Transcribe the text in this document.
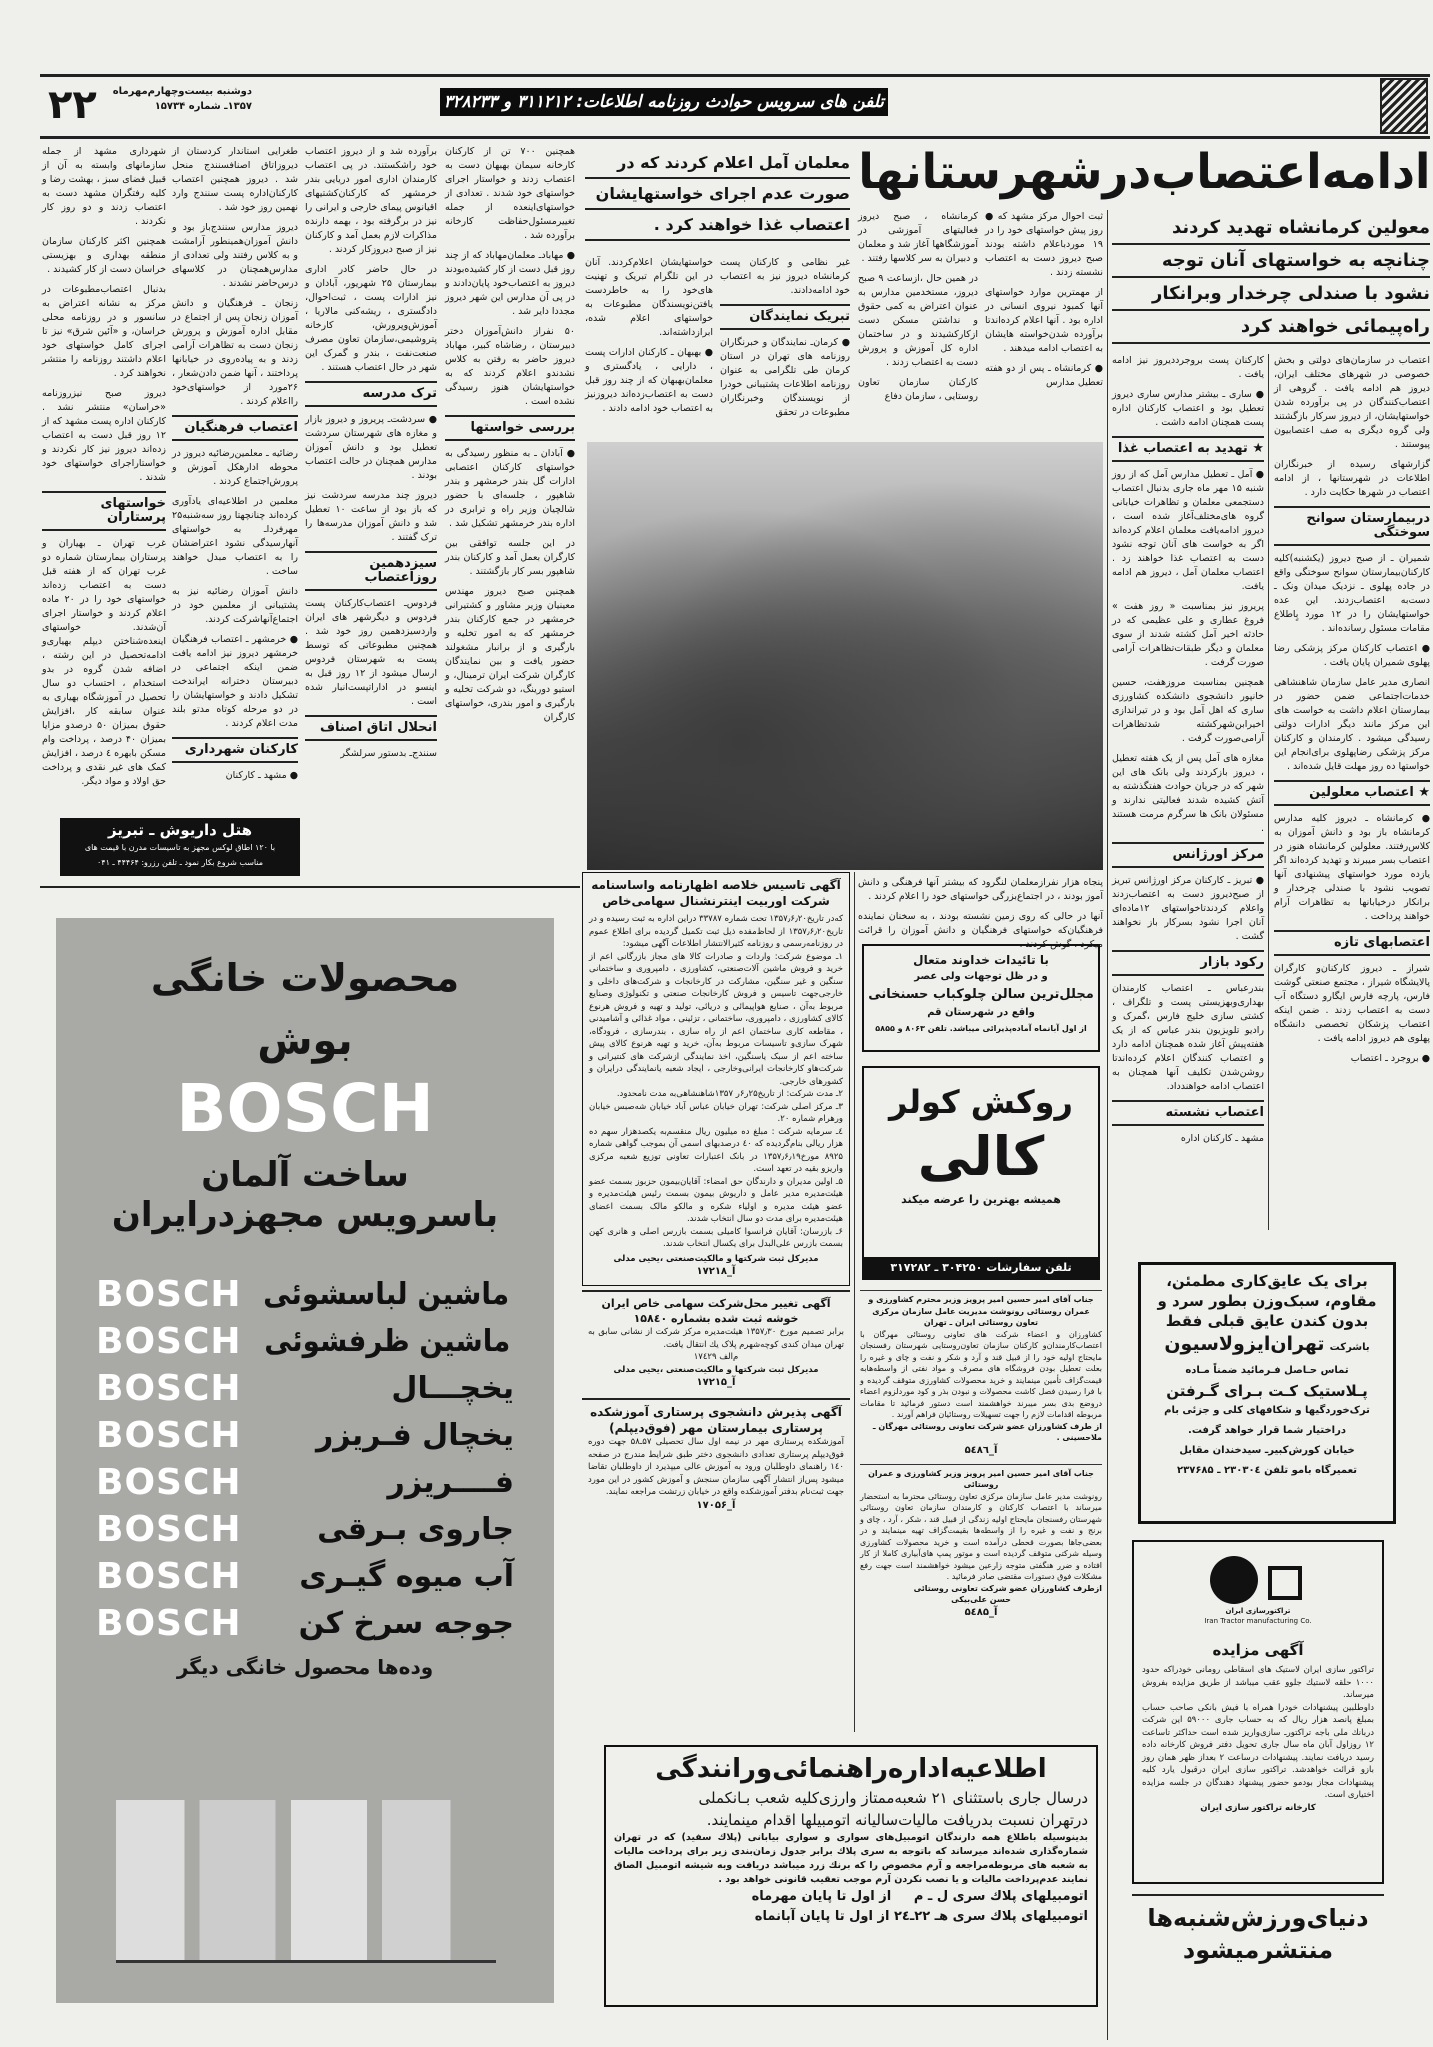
۲۲	دوشنبه بیست‌وچهارم‌مهرماه
۱۳۵۷ـ شماره ۱۵۷۳۴	تلفن های سرویس حوادث روزنامه اطلاعات: ۳۱۱۲۱۲ و ۳۲۸۲۳۳
ادامه‌اعتصاب‌در‌شهرستانها
معولین کرمانشاه تهدید کردند
چنانچه به خواستهای آنان توجه
نشود با صندلی چرخدار وبرانکار
راه‌پیمائی خواهند کرد
معلمان آمل اعلام کردند که در
صورت عدم اجرای خواستهایشان
اعتصاب غذا خواهند کرد .

اعتصاب در سازمان‌های دولتی و بخش خصوصی در شهرهای مختلف ایران، دیروز هم ادامه یافت . گروهی از اعتصاب‌کنندگان در پی برآورده شدن خواستهایشان، از دیروز سرکار بازگشتند ولی گروه دیگری به صف اعتصابیون پیوستند .

گزارشهای رسیده از خبرنگاران اطلاعات در شهرستانها ، از ادامه اعتصاب در شهرها حکایت دارد .

دربیمارستان سوانح سوختگی

شمیران ـ از صبح دیروز (یکشنبه)کلیه کارکنان‌بیمارستان سوانح سوختگی واقع در جاده پهلوی ـ نزدیک میدان ونک ـ دست‌به اعتصاب‌زدند. این عده خواستهایشان را در ۱۲ مورد بٍاطلاع مقامات مسئول رسانده‌اند .

● اعتصاب کارکنان مرکز پزشکی رضا پهلوی شمیران پایان یافت .

انصاری مدیر عامل سازمان شاهنشاهی خدمات‌اجتماعی ضمن حضور در بیمارستان اعلام داشت به خواست های این مرکز مانند دیگر ادارات دولتی رسیدگی میشود . کارمندان و کارکنان مرکز پزشکی رضاپهلوی برای‌انجام این خواستها ده روز مهلت قایل شده‌اند .

★ اعتصاب معلولین

● کرمانشاه ـ دیروز کلیه مدارس کرمانشاه باز بود و دانش آموزان به کلاس‌رفتند. معلولین کرمانشاه هنوز در اعتصاب بسر میبرند و تهدید کرده‌اند اگر یازده مورد خواستهای پیشنهادی آنها تصویب نشود با صندلی چرخدار و برانکار درخیابانها به تظاهرات آرام خواهند پرداخت .

اعتصابهای تازه

شیراز ـ دیروز کارکنان‌و کارگران پالایشگاه شیراز ، مجتمع صنعتی گوشت فارس، پارچه فارس ایگارو دستگاه آب دست به اعتصاب زدند . ضمن اینکه اعتصاب پزشکان تخصصی دانشگاه پهلوی هم دیروز ادامه یافت .

● بروجرد ـ اعتصاب

کارکنان پست بروجردديروز نیز ادامه یافت .

● ساری ـ بیشتر مدارس ساری دیروز تعطیل بود و اعتصاب کارکنان اداره پست همچنان ادامه داشت .

★ تهدید به اعتصاب غذا

● آمل ـ تعطیل مدارس آمل که از روز شنبه ۱۵ مهر ماه جاری بدنبال اعتصاب دستجمعی معلمان و تظاهرات خیابانی گروه های‌مختلف‌آغاز شده است ، دیروز ادامه‌یافت معلمان اعلام کرده‌اند اگر به خواست های آنان توجه نشود دست به اعتصاب غذا خواهند زد . اعتصاب معلمان آمل ، دیروز هم ادامه یافت.

پریروز نیز بمناسبت « روز هفت » فروغ عطاری و علی عظیمی که در حادثه اخیر آمل کشته شدند از سوی معلمان و دیگر طبقات‌تظاهرات آرامی صورت گرفت .

همچنین بمناسبت مروزهفت، حسین خانپور دانشجوی دانشکده کشاورزی ساری که اهل آمل بود و در تیراندازی اخیرابن‌شهرکشته شدتظاهرات آرامی‌صورت گرفت .

مغازه های آمل پس از یک هفته تعطیل ، دیروز بازکردند ولی بانک های این شهر که در جریان حوادث هفتگذشته به آتش کشیده شدند فعالیتی ندارند و مسئولان بانک ها سرگرم مرمت هستند .

مرکز اورژانس

● تبریز ـ کارکنان مرکز اورژانس تبریز از صبح‌دیروز دست به اعتصاب‌زدند و‌اعلام کردندتاخواستهای ۱۲ماده‌ای آنان اجرا نشود بسرکار باز نخواهند گشت .

رکود بازار

بندرعباس ـ اعتصاب کارمندان بهداری‌وبهزیستی پست و تلگراف ، کشتی سازی خلیج فارس ،گمرک و رادیو تلویزیون بندر عباس که از یک هفته‌پیش آغاز شده همچنان ادامه دارد و اعتصاب کنندگان اعلام کرده‌اندتا روشن‌شدن تکلیف آنها همچنان به اعتصاب ادامه خواهندداد.

اعتصاب نشسته

مشهد ـ کارکنان اداره

ثبت احوال مرکز مشهد که ● روز پیش خواستهای خود را در ۱۹ موردباعلام داشته بودند صبح دیروز دست به اعتصاب نشسته زدند .

از مهمترین موارد خواستهای آنها کمبود نیروی انسانی در اداره بود . آنها اعلام کرده‌اندتا برآورده شدن‌خواسته هایشان به اعتصاب ادامه میدهند .

● کرمانشاه ـ پس از دو هفته تعطیل مدارس

کرمانشاه ، صبح دیروز فعالیتهای آموزشی در آموزشگاهها آغاز شد و معلمان و دبیران به سر کلاسها رفتند .

در همین حال ،ازساعت ۹ صبح دیروز، مستخدمین مدارس به عنوان اعتراض به کمی حقوق و نداشتن مسکن دست ازکارکشیدند و در ساختمان اداره کل آموزش و پرورش دست به اعتصاب زدند .

کارکنان سازمان تعاون روستایی ، سازمان دفاع

غیر نظامی و کارکنان پست کرمانشاه دیروز نیز به اعتصاب خود ادامه‌دادند.

تبریک نمایندگان

● کرمان‌ـ نمایندگان و خبرنگاران روزنامه های تهران در استان کرمان طی تلگرامی به عنوان روزنامه اطلاعات پشتیبانی خودرا از نویسندگان وخبرنگاران مطبوعات در تحقق

خواستهایشان اعلام‌کردند. آنان در این تلگرام تبریک و تهنیت های‌خود را به خاطردست یافتن‌نویسندگان مطبوعات به خواستهای اعلام شده، ابرازداشته‌اند.

● بهبهان ـ کارکنان ادارات پست ، دارایی ، یادگستری و معلمان‌بهبهان که از چند روز قبل دست به اعتصاب‌زده‌اند دیروزنیز به اعتصاب خود ادامه دادند .

همچنین ۷۰۰ تن از کارکنان کارخانه سیمان بهبهان دست به اعتصاب زدند و خواستار اجرای خواستهای خود شدند . تعدادی از خواستهای‌اینعده از جمله تغییرمسئول‌حفاظت کارخانه برآورده شد .

● مهاباد‌ـ معلمان‌مهاباد که از چند روز قبل دست از کار کشیده‌بودند دیروز به اعتصاب‌خود پایان‌دادند و در پی آن مدارس این شهر دیروز مجددا دایر شد .

۵۰ نفراز دانش‌آموزان دختر دبیرستان ، رضاشاه کبیر، مهاباد دیروز حاضر به رفتن به کلاس نشدندو اعلام کردند که به خواستهایشان هنوز رسیدگی نشده است .

بررسی خواستها

● آبادان ـ به منظور رسیدگی به خواستهای کارکنان اعتصابی ادارات گل بندر خرمشهر و بندر شاهپور ، جلسه‌ای با حضور شالچیان وزیر راه و ترابری در اداره بندر خرمشهر تشکیل شد .

در این جلسه توافقی بین کارگران بعمل آمد و کارکنان بندر شاهپور بسر کار بازگشتند .

همچنین صبح دیروز مهندس معینیان وزیر مشاور و کشتیرانی خرمشهر در جمع کارکنان بندر خرمشهر که به امور تخلیه و بارگیری و از برانبار مشغولند حضور یافت و بین نمایندگان کارگران شرکت ایران ترمینال، و استیو دورینگ، دو شرکت تخلیه و بارگیری و امور بندری، خواستهای کارگران

برآورده شد و از دیروز اعتصاب خود را‌شکستند. در پی اعتصاب کارمندان اداری امور دریایی بندر خرمشهر که کارکنان‌کشتیهای اقیانوس پیمای خارجی و ایرانی را نیز در برگرفته بود ، بهمه دارنده مذاکرات لازم بعمل آمد و کارکنان نیز از صبح دیروزکار کردند .

در حال حاضر کادر اداری بیمارستان ۲۵ شهریور، آبادان و نیز ادارات پست ، ثبت‌احوال، دادگستری ، ریشه‌کنی مالاریا ، آموزش‌وپرورش، کارخانه پتروشیمی،سازمان تعاون مصرف صنعت‌نفت ، بندر و گمرک این شهر در حال اعتصاب هستند .

ترک مدرسه

● سردشت‌ـ پریروز و دیروز بازار و مغازه های شهرستان سردشت تعطیل بود و دانش آموزان مدارس همچنان در حالت اعتصاب بودند .

دیروز چند مدرسه سردشت نیز که باز بود از ساعت ۱۰ تعطیل شد و دانش آموزان مدرسه‌ها را ترک گفتند .

سیزدهمین روزاعتصاب

فردوس‌ـ اعتصاب‌کارکنان پست فردوس و دیگرشهر های ایران واردسیزدهمین روز خود شد . همچنین مطبوعاتی که توسط پست به شهرستان فردوس ارسال میشود از ۱۲ روز قبل به اینسو در اداراتپست‌انبار شده است .

انحلال اتاق اصناف

سنندج‌ـ بدستور سرلشگر

طغرایی استاندار کردستان از دیروزاتاق اصنافسنندج منحل شد . دیروز همچنین اعتصاب کارکنان‌اداره پست سنندج وارد نهمین روز خود شد .

دیروز مدارس سنندج‌باز بود و دانش آموزان‌همینطور آرامشت و به کلاس رفتند ولی تعدادی از مدارس‌همچنان در کلاسهای درس‌حاضر نشدند .

زنجان ـ فرهنگیان و دانش آموزان زنجان پس از اجتماع در مقابل اداره آموزش و پرورش زنجان دست به تظاهرات آرامی زدند و به پیاده‌روی در خیابانها پرداختند ، آنها ضمن دادن‌شعار ، ۲۶مورد از خواستهای‌خود رااعلام کردند .

اعتصاب فرهنگیان

رضائیه ـ معلمین‌رضائیه دیروز در محوطه ادارهکل آموزش و پرورش‌اجتماع کردند .

معلمین در اطلاعیه‌ای یادآوری کرده‌اند چنانچهتا روز سه‌شنبه۲۵ مهرفرداـ به خواستهای آنهارسیدگی نشود اعتراضشان را به اعتصاب مبدل خواهند ساخت .

دانش آموزان رضائیه نیز به پشتیبانی از معلمین خود در اجتماع‌آنهاشرکت کردند.

● خرمشهر ـ اعتصاب فرهنگیان خرمشهر دیروز نیز ادامه یافت ضمن اینکه اجتماعی در دبیرستان دخترانه ایراندخت تشکیل دادند و خواستهایشان را در دو مرحله کوتاه مدتو بلند مدت اعلام کردند .

کارکنان شهرداری

● مشهد ـ کارکنان

شهرداری مشهد از جمله سازمانهای وابسته به آن از قبیل فضای سبز ، بهشت رضا و کلیه رفتگران مشهد دست به اعتصاب زدند و دو روز کار نکردند .

همچنین اکثر کارکنان سازمان منطقه بهداری و بهزیستی خراسان دست از کار کشیدند .

بدنبال اعتصاب‌مطبوعات در مرکز به نشانه اعتراض به سانسور و در روزنامه محلی خراسان، و «آئین شرق» نیز تا اجرای کامل خواستهای خود اعلام داشتند روزنامه را منتشر نخواهند کرد .

دیروز صبح نیزروزنامه «خراسان» منتشر نشد . کارکنان اداره پست مشهد که از ۱۲ روز قبل دست به اعتصاب زده‌اند دیروز نیز کار نکردند و خواستاراجرای خواستهای خود شدند .

خواستهای پرستاران

غرب تهران ـ بهیاران و پرستاران بیمارستان شماره دو غرب تهران که از هفته قبل دست به اعتصاب زده‌اند خواستهای خود را در ۲۰ ماده اعلام کردند و خواستار اجرای آن‌شدند. خواستهای اینعده‌شناختن دیپلم بهیاری‌و ادامه‌تحصیل در این رشته ، اضافه شدن گروه در بدو استخدام ، احتساب دو سال تحصیل در آموزشگاه بهیاری به عنوان سابقه کار ،افزایش حقوق بمیزان ۵۰ درصدو مزایا بمیزان ۴۰ درصد ، پرداخت وام مسکن بابهره ٤ درصد ، افزایش کمک های غیر نقدی و پرداخت حق اولاد و مواد دیگر.

پنجاه هزار نفرازمعلمان لنگرود که بیشتر آنها فرهنگی و دانش آموز بودند ، در اجتماع‌بزرگی خواستهای خود را اعلام کردند .

آنها در حالی که روی زمین نشسته بودند ، به سخنان نماینده فرهنگیان‌که خواستهای فرهنگیان و دانش آموزان را قرائت میکرد ، گوش کردند .

هتل داریوش ـ تبریز
با ۱۲۰ اطاق لوکس مجهز به تاسیسات مدرن با قیمت های
مناسب شروع بکار نمود ـ تلفن رزرو: ۴۴۴۶۴ ـ ۰۴۱
محصولات خانگی
بوش
BOSCH
ساخت آلمان
باسرویس مجهزدرایران
BOSCH ماشین لباسشوئی
BOSCH ماشین ظرفشوئی
BOSCH	یخچـــال
BOSCH	یخچال فـریزر
BOSCH	فــــریزر
BOSCH	جاروی بـرقی
BOSCH	آب میوه گیـری
BOSCH	جوجه سرخ کن
وده‌ها محصول خانگی دیگر
آگهی تاسیس خلاصه اظهارنامه واساسنامه
شرکت اوربیت اینترنشنال سهامی‌خاص

که‌در تاریخ۱۳۵۷٫۶٫۲۰ تحت شماره ۳۳۷۸۷ دراین اداره به ثبت رسیده و در تاریخ۱۳۵۷٫۶٫۲۰ از لحاظ‌مفده ذیل ثبت تکمیل گردیده برای اطلاع عموم در روزنامه‌رسمی و روزنامه کثیرالانتشار اطلاعات آگهی میشود:

۱ـ موضوع شرکت: واردات و صادرات کالا های مجاز بازرگانی اعم از خرید و فروش ماشین آلات‌صنعتی، کشاورزی ، دامپروری و ساختمانی سنگین و غیر سنگین، مشارکت در کارخانجات و شرکت‌های داخلی و خارجی‌جهت تاسیس و فروش کارخانجات صنعتی و تکنولوژی و‌صنایع مربوط به‌آن ، صنایع هواپیمائی و دریائی، تولید و تهیه و فروش هرنوع کالای کشاورزی ، دامپروری‌، ساختمانی ، تزئینی ، مواد غذائی و آشامیدنی ، مقاطعه کاری ساختمان اعم از راه سازی ، بندرسازی ، فرودگاه، شهرک سازی‌و تاسیسات مربوط به‌آن، خرید و تهیه هرنوع کالای پیش ساخته اعم از سبک یاسنگین، اخذ نمایندگی ازشرکت های کنتیرانی و شرکت‌هاو کارخانجات ایرانی‌وخارجی ، ایجاد شعبه یانمایندگی درایران و کشورهای خارجی.

۲ـ مدت شرکت: از تاریخ۲۵ر۶ر ۱۳۵۷شاهنشاهی‌به مدت نامحدود.

۳ـ مرکز اصلی شرکت: تهران خیابان عباس آباد خیابان شه‌صبس خیابان ورهرام شماره ۲۰.

٤ـ سرمایه شرکت : مبلغ ده میلیون ریال منقسم‌به یکصدهزار سهم ده هزار ریالی بنام‌گردیده که ٤۰ درصدبهای اسمی آن بموجب گواهی شماره ۸۹۲۵ مورخ۱۳۵۷٫۶٫۱۹ در بانک اعتبارات تعاونی توزیع شعبه مرکزی واریزو بقیه در تعهد است.

۵ـ اولین مدیران و دارندگان حق امضاء: آقایان‌بیمون حزبوز بسمت عضو هیئت‌مدیره مدیر عامل و داریوش بیمون بسمت رئیس هیئت‌مدیره و عضو هیئت مدیره و اولیاء شکره و مالکو مالک بسمت اعضای هیئت‌مدیره برای مدت دو سال انتخاب شدند.

۶ـ بازرسان: آقایان فرانسوا کامیلی بسمت بازرس اصلی و هانری کهن بسمت بازرس علی‌البدل برای یکسال انتخاب شدند.

مدیرکل ثبت شرکتها و مالکیت‌صنعتی ،یحیی مدلی

آ_۱۷۲۱۸

آگهی تغییر محل‌شرکت سهامی خاص ایران خوشه ثبت شده بشماره ۱۵۸٤۰
برابر تصمیم مورخ ۱۳۵۷٫۳۰ هیئت‌مدیره مرکز شرکت از نشانی سابق به تهران میدان کندی کوچه‌شهرم پلاک یك انتقال یافت.
م‌الف ۱۷٤۲۹
مدیرکل ثبت شرکتها و مالکیت‌صنعتی ،یحیی مدلی
آ_۱۷۲۱۵
آگهی پذیرش دانشجوی پرستاری آموزشکده پرستاری بیمارستان مهر (فوق‌دیپلم)
آموزشکده پرستاری مهر در نیمه اول سال تحصیلی ۵۷ـ۵۸ جهت دوره فوق‌دیپلم پرستاری تعدادی دانشجوی دختر طبق شرایط مندرج در صفحه ۱٤۰ راهنمای داوطلبان ورود به آموزش عالی میپذیرد از داوطلبان تقاضا میشود پس‌از انتشار آگهی سازمان سنجش و آموزش کشور در این مورد جهت ثبت‌نام بدفتر آموزشکده واقع در خیابان زرتشت مراجعه نمایند.
آ_۱۷۰۵۶
با تائیدات خداوند متعال
و در ظل توجهات ولی عصر
مجلل‌ترین سالن چلوکباب حسنخانی
واقع در شهرستان قم
از اول آبانماه آماده‌پذیرائی میباشد. تلفن ۸۰۶۳ و ۵۸۵۵
روکش کولر
کالی
همیشه بهترین را عرضه میکند
تلفن سفارشات ۳۰۴۲۵۰ ـ ۳۱۷۲۸۲
جناب آقای امیر حسین امیر پرویز وزیر محترم کشاورزی و عمران روستائی رونوشت مدیریت عامل سازمان مرکزی تعاون روستائی ایران ـ تهران
کشاورزان و اعضاء شرکت های تعاونی روستائی مهرگان با اعتصاب‌کارمندان‌و کارکنان سازمان تعاون‌روستایی شهرستان رفسنجان مایحتاج اولیه خود را از قبیل قند و آرد و شکر و نفت و چای و غیره را بعلت تعطیل بودن فروشگاه های مصرف و مواد نفتی از واسطه‌ها‌به قیمت‌گزاف تأمین مینمایند و خرید محصولات کشاورزی متوقف گردیده و با فرا رسیدن فصل کاشت محصولات و نبودن بذر و کود موردلزوم اعضاء دروضع بدی بسر میبرند خواهشمند است دستور فرمائید تا مقامات مربوطه اقدامات لازم را جهت تسهیلات روستائیان فراهم آورند .
از طرف کشاورزان عضو شرکت تعاونی روستائی مهرگان ـ ملاحسینی .
آ_۵٤۸٦
جناب آقای امیر حسین امیر پرویز وزیر کشاورزی و عمران روستائی
رونوشت مدیر عامل سازمان مرکزی تعاون روستائی محترما به استحضار میرساند با اعتصاب کارکنان و کارمندان سازمان تعاون روستائی شهرستان رفسنجان مایحتاج اولیه زندگی از قبیل قند ، شکر ، آرد ، چای و برنج و نفت و غیره را از واسطه‌ها بقیمت‌گزاف تهیه مینمایند و در بعضی‌جاها بصورت قحطی درآمده است و خرید محصولات کشاورزی وسیله شرکتی متوقف گردیده است و موتور پمپ های‌آبیاری کاملا از کار افتاده و ضرر هنگفتی متوجه زارعین میشود خواهشمند است جهت رفع مشکلات فوق دستورات مقتضی صادر فرمائید .
ازطرف کشاورزان عضو شرکت تعاونی روستائی
حسن علی‌بیکی
آ_۵٤۸۵
اطلاعیه‌اداره‌راهنمائی‌ورانندگی
درسال جاری باستثنای ۲۱ شعبه‌ممتاز وارزی‌کلیه شعب بـانکملی
درتهران نسبت بدریافت مالیات‌سالیانه اتومبیلها اقدام مینمایند.
بدینوسیله باطلاع همه دارندگان اتومبیل‌های سواری و سواری بیابانی (پلاك سفید) که در تهران شماره‌گذاری شده‌اند میرساند که باتوجه به سری پلاك برابر جدول زمان‌بندی زیر برای پرداخت مالیات به شعبه های مربوطه‌مراجعه و آرم مخصوص را که برنك زرد میباشد دریافت وبه شیشه اتومبیل الصاق نمایند عدم‌پرداخت مالیات و یا نصب نکردن آرم موجب تعقیب قانونی خواهد بود .
اتومبیلهای پلاك سری ل ـ م     از اول تا پایان مهرماه
اتومبیلهای پلاك سری هـ ۲۲ـ۲٤ از اول تا پایان آبانماه
برای یک عایق‌کاری مطمئن،
مقاوم، سبک‌وزن بطور سرد و
بدون کندن عایق قبلی فقط
باشرکت تهران‌ایزولاسیون
تماس حـاصل فـرمائید ضمناً مـاده
پـلاستیک کـت بـرای گـرفتن
ترک‌خوردگیها و شکافهای کلی و جزئی بام
دراختیار شما قرار خواهد گرفت.
خیابان کورش‌کبیر‌ـ سیدخندان مقابل
تعمیرگاه بامو تلفن ۲۳۰۳۰٤ ـ ۲۳۷۶۸۵
تراکتورسازی ایران
Iran Tractor manufacturing Co.
آگهی مزایده
تراکتور سازی ایران لاستیک های اسقاطی رومانی خودراکه حدود ۱۰۰۰ حلقه لاستیك جلوو عقب میباشد از طریق مزایده بفروش میرساند.
داوطلبین پیشنهادات خودرا همراه با فیش بانکی صاحب حساب بمبلغ پانصد هزار ریال که به حساب جاری ۵۹۰۰۰ این شرکت دربانك ملی باجه تراکتور‌ـ سازی‌واریز شده است حداکثر تاساعت ۱۲ روزاول آبان ماه سال جاری تحویل دفتر فروش کارخانه داده رسید دریافت نمایند. پیشنهادات درساعت ۲ بعداز ظهر همان روز بازو قرائت خواهدشد. تراکتور سازی ایران درقبول یارد کلیه پیشنهادات مجاز بودمو حضور پیشنهاد دهندگان در جلسه مزایده اختیاری است.
کارخانه تراکتور سازی ایران
دنیای‌ورزش‌شنبه‌ها
منتشرمیشود
